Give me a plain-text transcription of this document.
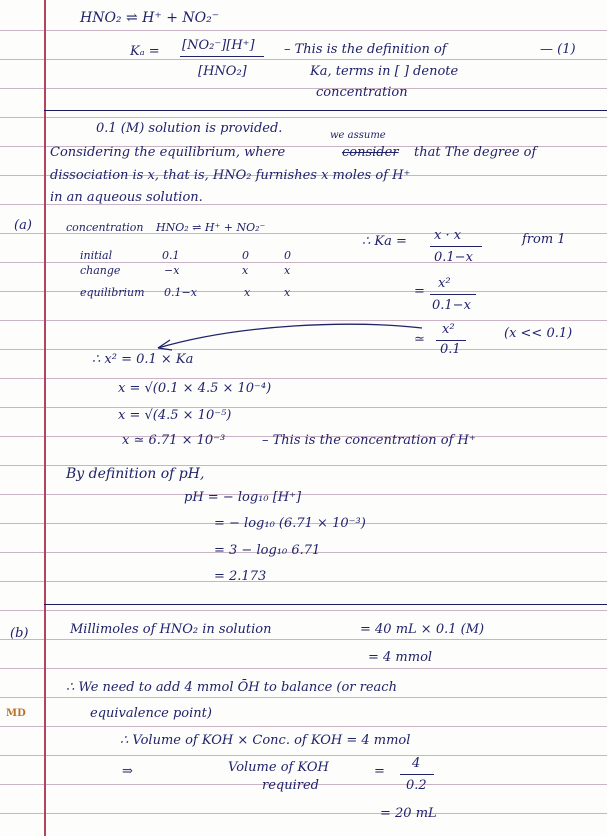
HNO₂ ⇌ H⁺ + NO₂⁻
Kₐ = [NO₂⁻][H⁺]
[HNO₂]
– This is the definition of
Ka, terms in [ ] denote
concentration
— (1)
0.1 (M) solution is provided.	we assume
Considering the equilibrium, where	consider that The degree of
dissociation is x, that is, HNO₂ furnishes x moles of H⁺
in an aqueous solution.
(a)	concentration HNO₂ ⇌ H⁺ + NO₂⁻
initial	0.1	0	0
change	−x	x	x
equilibrium 0.1−x	x	x
∴ Ka = x · x
0.1−x
from 1
=
x²
0.1−x
≃
x²
0.1
(x << 0.1)
∴ x² = 0.1 × Ka
x = √(0.1 × 4.5 × 10⁻⁴)
x = √(4.5 × 10⁻⁵)
x ≃ 6.71 × 10⁻³	– This is the concentration of H⁺
By definition of pH,
pH = − log₁₀ [H⁺]
= − log₁₀ (6.71 × 10⁻³)
= 3 − log₁₀ 6.71
= 2.173
(b)	Millimoles of HNO₂ in solution	= 40 mL × 0.1 (M)
= 4 mmol
∴ We need to add 4 mmol ŌH to balance (or reach
equivalence point)
∴ Volume of KOH × Conc. of KOH = 4 mmol
⇒	Volume of KOH
required
=
4
0.2
= 20 mL
MD
